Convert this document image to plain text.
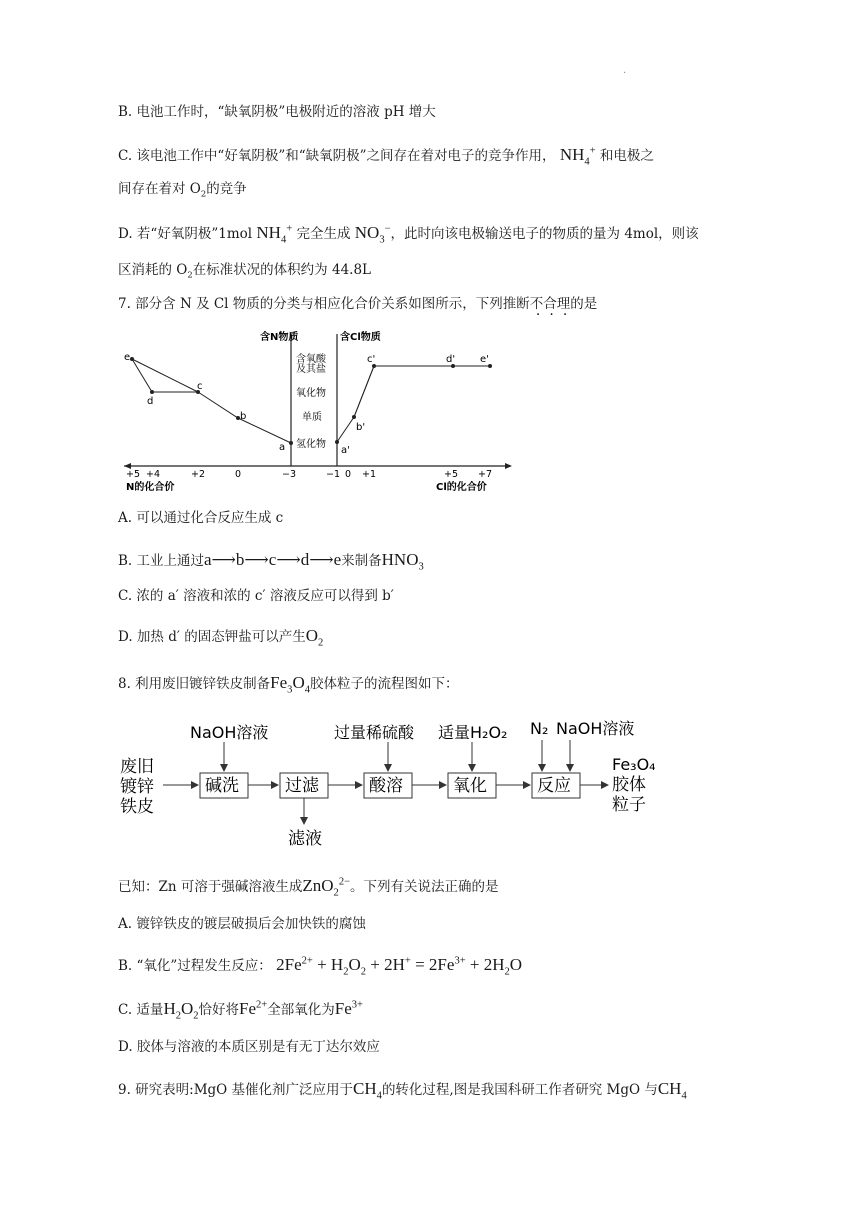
·
B. 电池工作时，“缺氧阴极”电极附近的溶液 pH 增大
C. 该电池工作中“好氧阴极”和“缺氧阴极”之间存在着对电子的竞争作用， $NH_4^+$ 和电极之
间存在着对 $O_2$的竞争
D. 若“好氧阴极”1mol $NH_4^+$ 完全生成 $NO_3^-$，此时向该电极输送电子的物质的量为 4mol，则该
区消耗的 $O_2$在标准状况的体积约为 44.8L
7. 部分含 N 及 Cl 物质的分类与相应化合价关系如图所示，下列推断不合理的是
含N物质	含Cl物质
含氧酸
及其盐
氧化物
单质
氢化物
e
d
c
b
a
c'	d' e'
b'
a'
+5 +4	+2	0	−3	−1 0 +1	+5 +7
N的化合价	Cl的化合价
A. 可以通过化合反应生成 c
B. 工业上通过a⟶b⟶c⟶d⟶e来制备$HNO_3$
C. 浓的 a′ 溶液和浓的 c′ 溶液反应可以得到 b′
D. 加热 d′ 的固态钾盐可以产生$O_2$
8. 利用废旧镀锌铁皮制备$Fe_3O_4$胶体粒子的流程图如下：
废旧
镀锌
铁皮
碱洗	过滤	酸溶	氧化	反应
NaOH溶液	过量稀硫酸 适量H₂O₂ N₂ NaOH溶液
滤液
Fe₃O₄
胶体
粒子
已知：Zn 可溶于强碱溶液生成ZnO$_2^{2-}$。下列有关说法正确的是
A. 镀锌铁皮的镀层破损后会加快铁的腐蚀
B. “氧化”过程发生反应： $2Fe^{2+} + H_2O_2 + 2H^+ = 2Fe^{3+} + 2H_2O$
C. 适量$H_2O_2$恰好将$Fe^{2+}$全部氧化为$Fe^{3+}$
D. 胶体与溶液的本质区别是有无丁达尔效应
9. 研究表明:MgO 基催化剂广泛应用于$CH_4$的转化过程,图是我国科研工作者研究 MgO 与$CH_4$
